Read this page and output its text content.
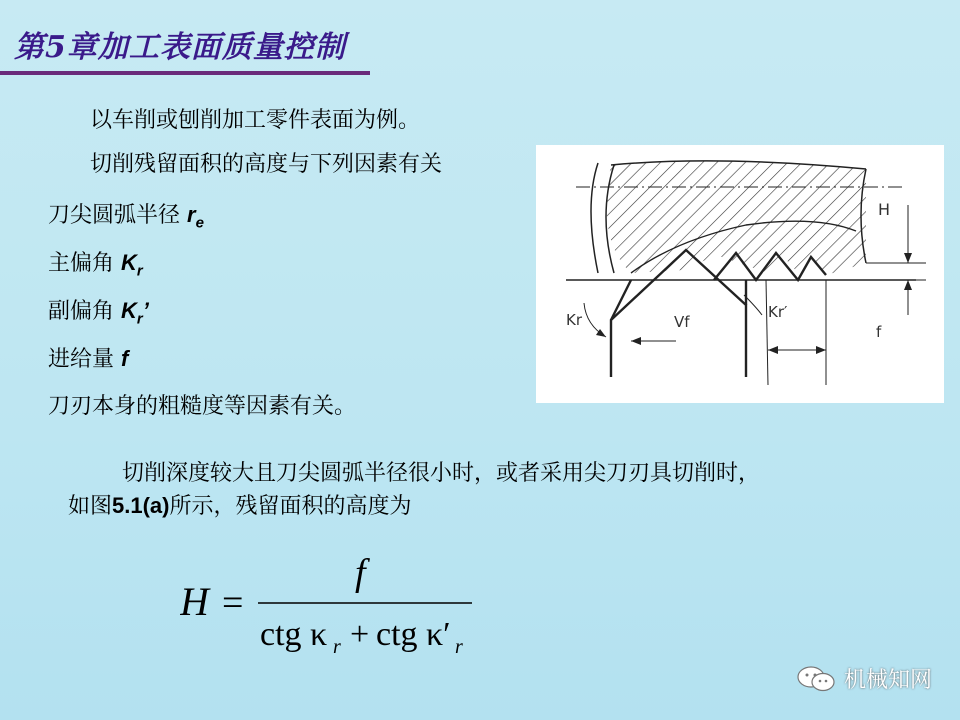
第5章加工表面质量控制
以车削或刨削加工零件表面为例。
切削残留面积的高度与下列因素有关
刀尖圆弧半径 $r_e$
主偏角 $K_r$
副偏角 $K_r$’
进给量 f
刀刃本身的粗糙度等因素有关。
H
Kr	Vf
Kr′
f
切削深度较大且刀尖圆弧半径很小时，或者采用尖刀刃具切削时，
如图5.1(a)所示，残留面积的高度为
H =
f
ctg κ r + ctg κ′ r
机械知网
